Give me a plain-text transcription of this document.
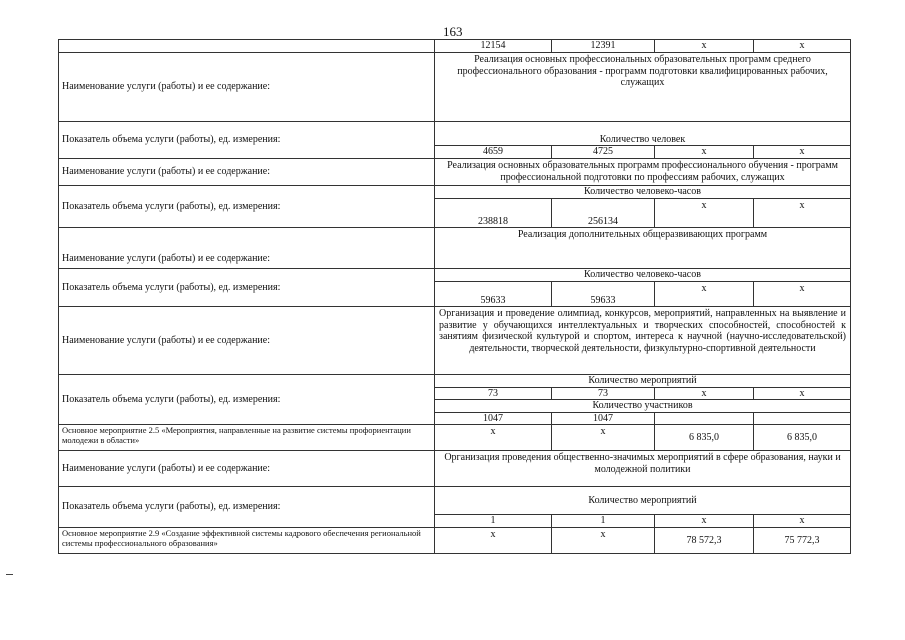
163
	12154	12391	х	х
Наименование услуги (работы) и ее содержание:	Реализация основных профессиональных образовательных программ среднего профессионального образования - программ подготовки квалифицированных рабочих, служащих			
Показатель объема услуги (работы), ед. измерения:	Количество человек			
	4659	4725	х	х
Наименование услуги (работы) и ее содержание:	Реализация основных образовательных программ профессионального обучения - программ профессиональной подготовки по профессиям рабочих, служащих			
Показатель объема услуги (работы), ед. измерения:	Количество человеко-часов			
	238818	256134	х	х
Наименование услуги (работы) и ее содержание:	Реализация дополнительных общеразвивающих программ			
Показатель объема услуги (работы), ед. измерения:	Количество человеко-часов			
	59633	59633	х	х
Наименование услуги (работы) и ее содержание:	Организация и проведение олимпиад, конкурсов, мероприятий, направленных на выявление и развитие у обучающихся интеллектуальных и творческих способностей, способностей к занятиям физической культурой и спортом, интереса к научной (научно-исследовательской) деятельности, творческой деятельности, физкультурно-спортивной деятельности			
Показатель объема услуги (работы), ед. измерения:	Количество мероприятий			
	73	73	х	х
	Количество участников			
	1047	1047		
Основное мероприятие 2.5 «Мероприятия, направленные на развитие системы профориентации молодежи в области»	х	х	6 835,0	6 835,0
Наименование услуги (работы) и ее содержание:	Организация проведения общественно-значимых мероприятий в сфере образования, науки и молодежной политики			
Показатель объема услуги (работы), ед. измерения:	Количество мероприятий			
	1	1	х	х
Основное мероприятие 2.9 «Создание эффективной системы кадрового обеспечения региональной системы профессионального образования»	х	х	78 572,3	75 772,3
